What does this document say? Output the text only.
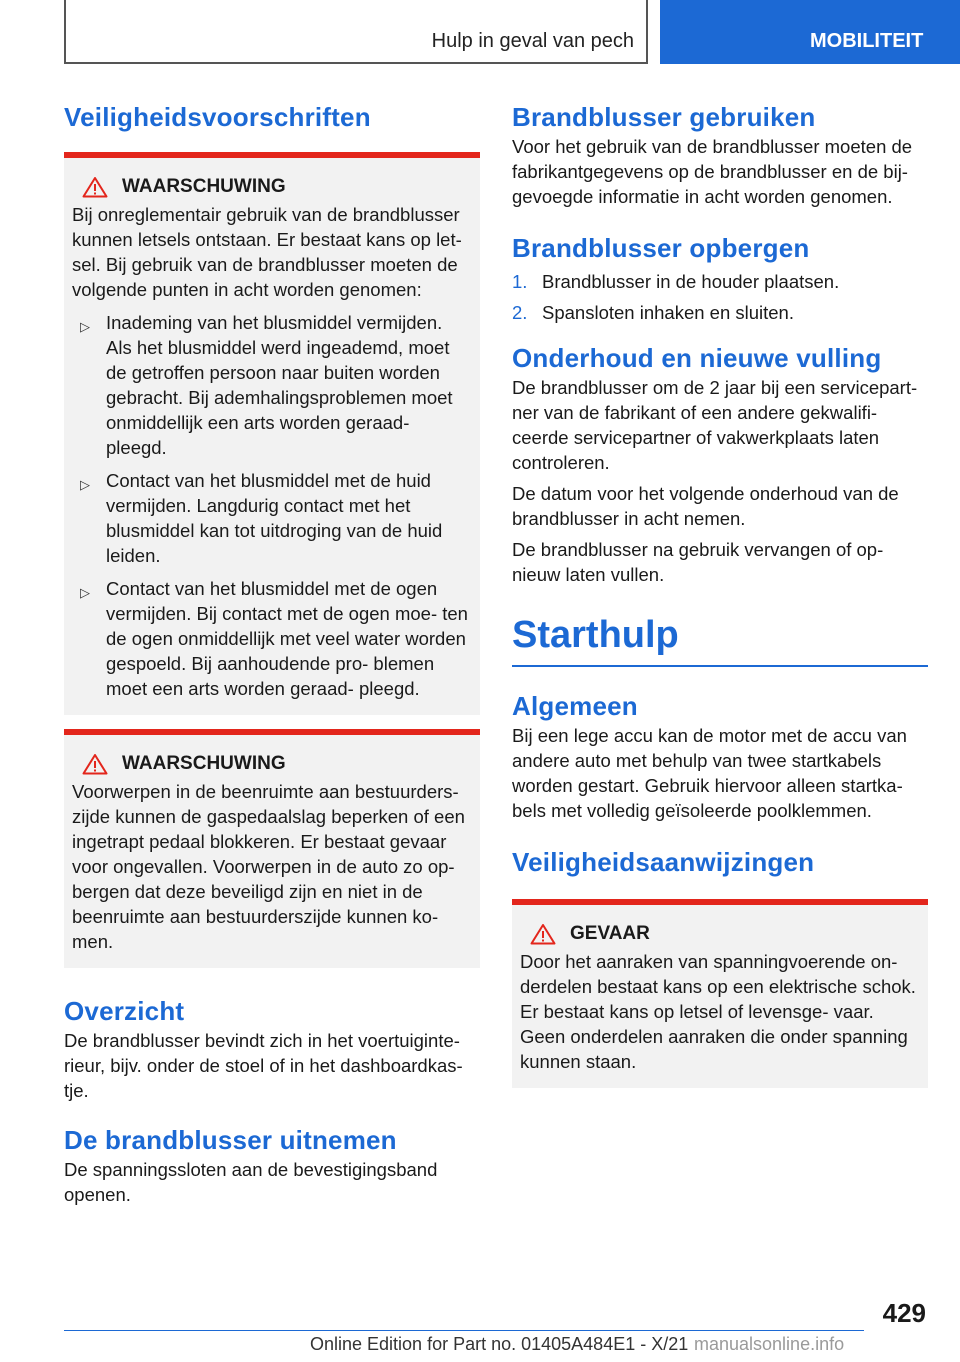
Hulp in geval van pech	MOBILITEIT
Veiligheidsvoorschriften
WAARSCHUWING

Bij onreglementair gebruik van de brandblusser kunnen letsels ontstaan. Er bestaat kans op let- sel. Bij gebruik van de brandblusser moeten de volgende punten in acht worden genomen:

▷ Inademing van het blusmiddel vermijden. Als het blusmiddel werd ingeademd, moet de getroffen persoon naar buiten worden gebracht. Bij ademhalingsproblemen moet onmiddellijk een arts worden geraad- pleegd.
▷ Contact van het blusmiddel met de huid vermijden. Langdurig contact met het blusmiddel kan tot uitdroging van de huid leiden.
▷ Contact van het blusmiddel met de ogen vermijden. Bij contact met de ogen moe- ten de ogen onmiddellijk met veel water worden gespoeld. Bij aanhoudende pro- blemen moet een arts worden geraad- pleegd.
WAARSCHUWING

Voorwerpen in de beenruimte aan bestuurders- zijde kunnen de gaspedaalslag beperken of een ingetrapt pedaal blokkeren. Er bestaat gevaar voor ongevallen. Voorwerpen in de auto zo op- bergen dat deze beveiligd zijn en niet in de beenruimte aan bestuurderszijde kunnen ko- men.

Overzicht

De brandblusser bevindt zich in het voertuiginte- rieur, bijv. onder de stoel of in het dashboardkas- tje.

De brandblusser uitnemen

De spanningssloten aan de bevestigingsband openen.

Brandblusser gebruiken

Voor het gebruik van de brandblusser moeten de fabrikantgegevens op de brandblusser en de bij- gevoegde informatie in acht worden genomen.

Brandblusser opbergen
1. Brandblusser in de houder plaatsen.
2. Spansloten inhaken en sluiten.
Onderhoud en nieuwe vulling

De brandblusser om de 2 jaar bij een servicepart- ner van de fabrikant of een andere gekwalifi- ceerde servicepartner of vakwerkplaats laten controleren.

De datum voor het volgende onderhoud van de brandblusser in acht nemen.

De brandblusser na gebruik vervangen of op- nieuw laten vullen.

Starthulp
Algemeen

Bij een lege accu kan de motor met de accu van andere auto met behulp van twee startkabels worden gestart. Gebruik hiervoor alleen startka- bels met volledig geïsoleerde poolklemmen.

Veiligheidsaanwijzingen
GEVAAR

Door het aanraken van spanningvoerende on- derdelen bestaat kans op een elektrische schok. Er bestaat kans op letsel of levensge- vaar. Geen onderdelen aanraken die onder spanning kunnen staan.

429
Online Edition for Part no. 01405A484E1 - X/21 manualsonline.info
